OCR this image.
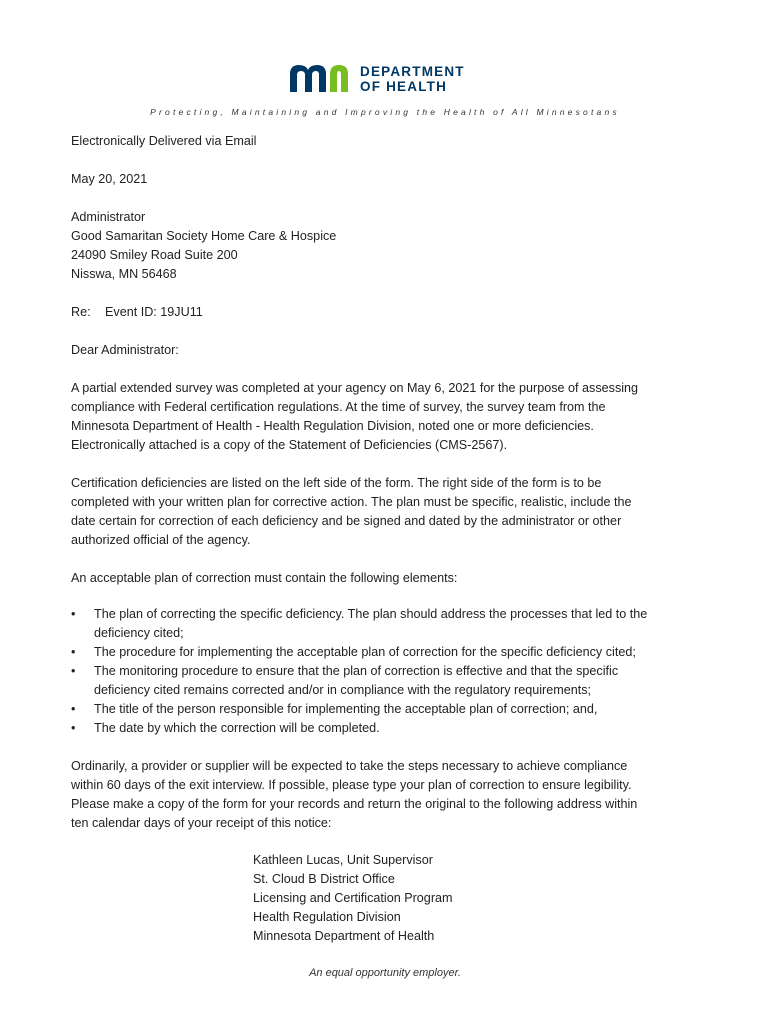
DEPARTMENT
OF HEALTH
Protecting, Maintaining and Improving the Health of All Minnesotans
Electronically Delivered via Email
May 20, 2021
Administrator
Good Samaritan Society Home Care & Hospice
24090 Smiley Road Suite 200
Nisswa, MN 56468
Re: Event ID: 19JU11
Dear Administrator:
A partial extended survey was completed at your agency on May 6, 2021 for the purpose of assessing
compliance with Federal certification regulations. At the time of survey, the survey team from the
Minnesota Department of Health - Health Regulation Division, noted one or more deficiencies.
Electronically attached is a copy of the Statement of Deficiencies (CMS-2567).
Certification deficiencies are listed on the left side of the form. The right side of the form is to be
completed with your written plan for corrective action. The plan must be specific, realistic, include the
date certain for correction of each deficiency and be signed and dated by the administrator or other
authorized official of the agency.
An acceptable plan of correction must contain the following elements:
•	The plan of correcting the specific deficiency. The plan should address the processes that led to the
deficiency cited;
•	The procedure for implementing the acceptable plan of correction for the specific deficiency cited;
•	The monitoring procedure to ensure that the plan of correction is effective and that the specific
deficiency cited remains corrected and/or in compliance with the regulatory requirements;
•	The title of the person responsible for implementing the acceptable plan of correction; and,
•	The date by which the correction will be completed.
Ordinarily, a provider or supplier will be expected to take the steps necessary to achieve compliance
within 60 days of the exit interview. If possible, please type your plan of correction to ensure legibility.
Please make a copy of the form for your records and return the original to the following address within
ten calendar days of your receipt of this notice:
Kathleen Lucas, Unit Supervisor
St. Cloud B District Office
Licensing and Certification Program
Health Regulation Division
Minnesota Department of Health
An equal opportunity employer.
